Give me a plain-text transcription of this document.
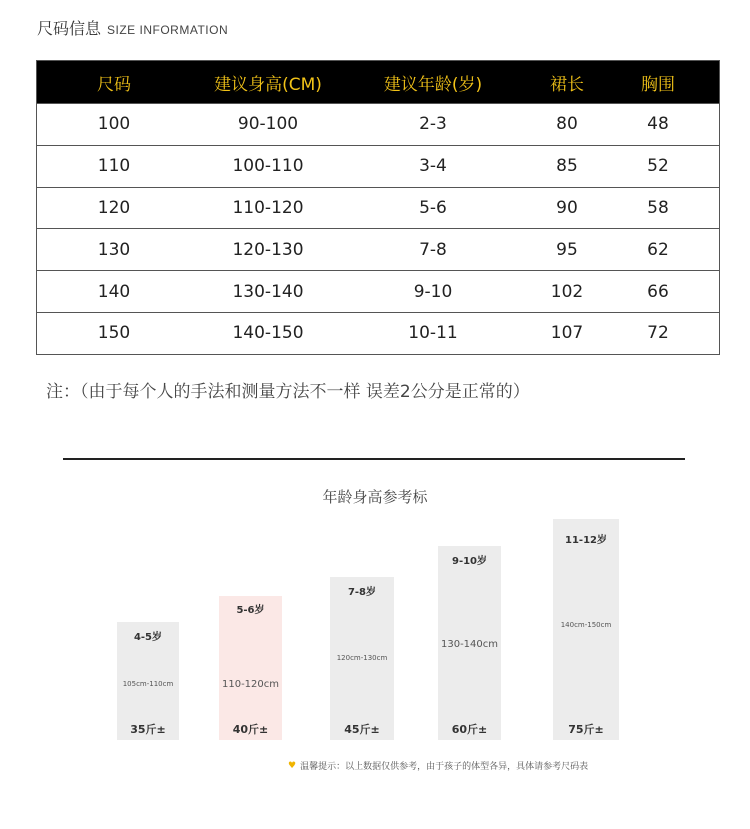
尺码信息 SIZE INFORMATION
尺码	建议身高(CM)	建议年龄(岁)	裙长	胸围
100	90-100	2-3	80	48
110	100-110	3-4	85	52
120	110-120	5-6	90	58
130	120-130	7-8	95	62
140	130-140	9-10	102	66
150	140-150	10-11	107	72
注：（由于每个人的手法和测量方法不一样 误差2公分是正常的）
年龄身高参考标
4-5岁
105cm-110cm
35斤±
5-6岁
110-120cm
40斤±
7-8岁
120cm-130cm
45斤±
9-10岁
130-140cm
60斤±
11-12岁
140cm-150cm
75斤±
♥ 温馨提示：以上数据仅供参考，由于孩子的体型各异，具体请参考尺码表
